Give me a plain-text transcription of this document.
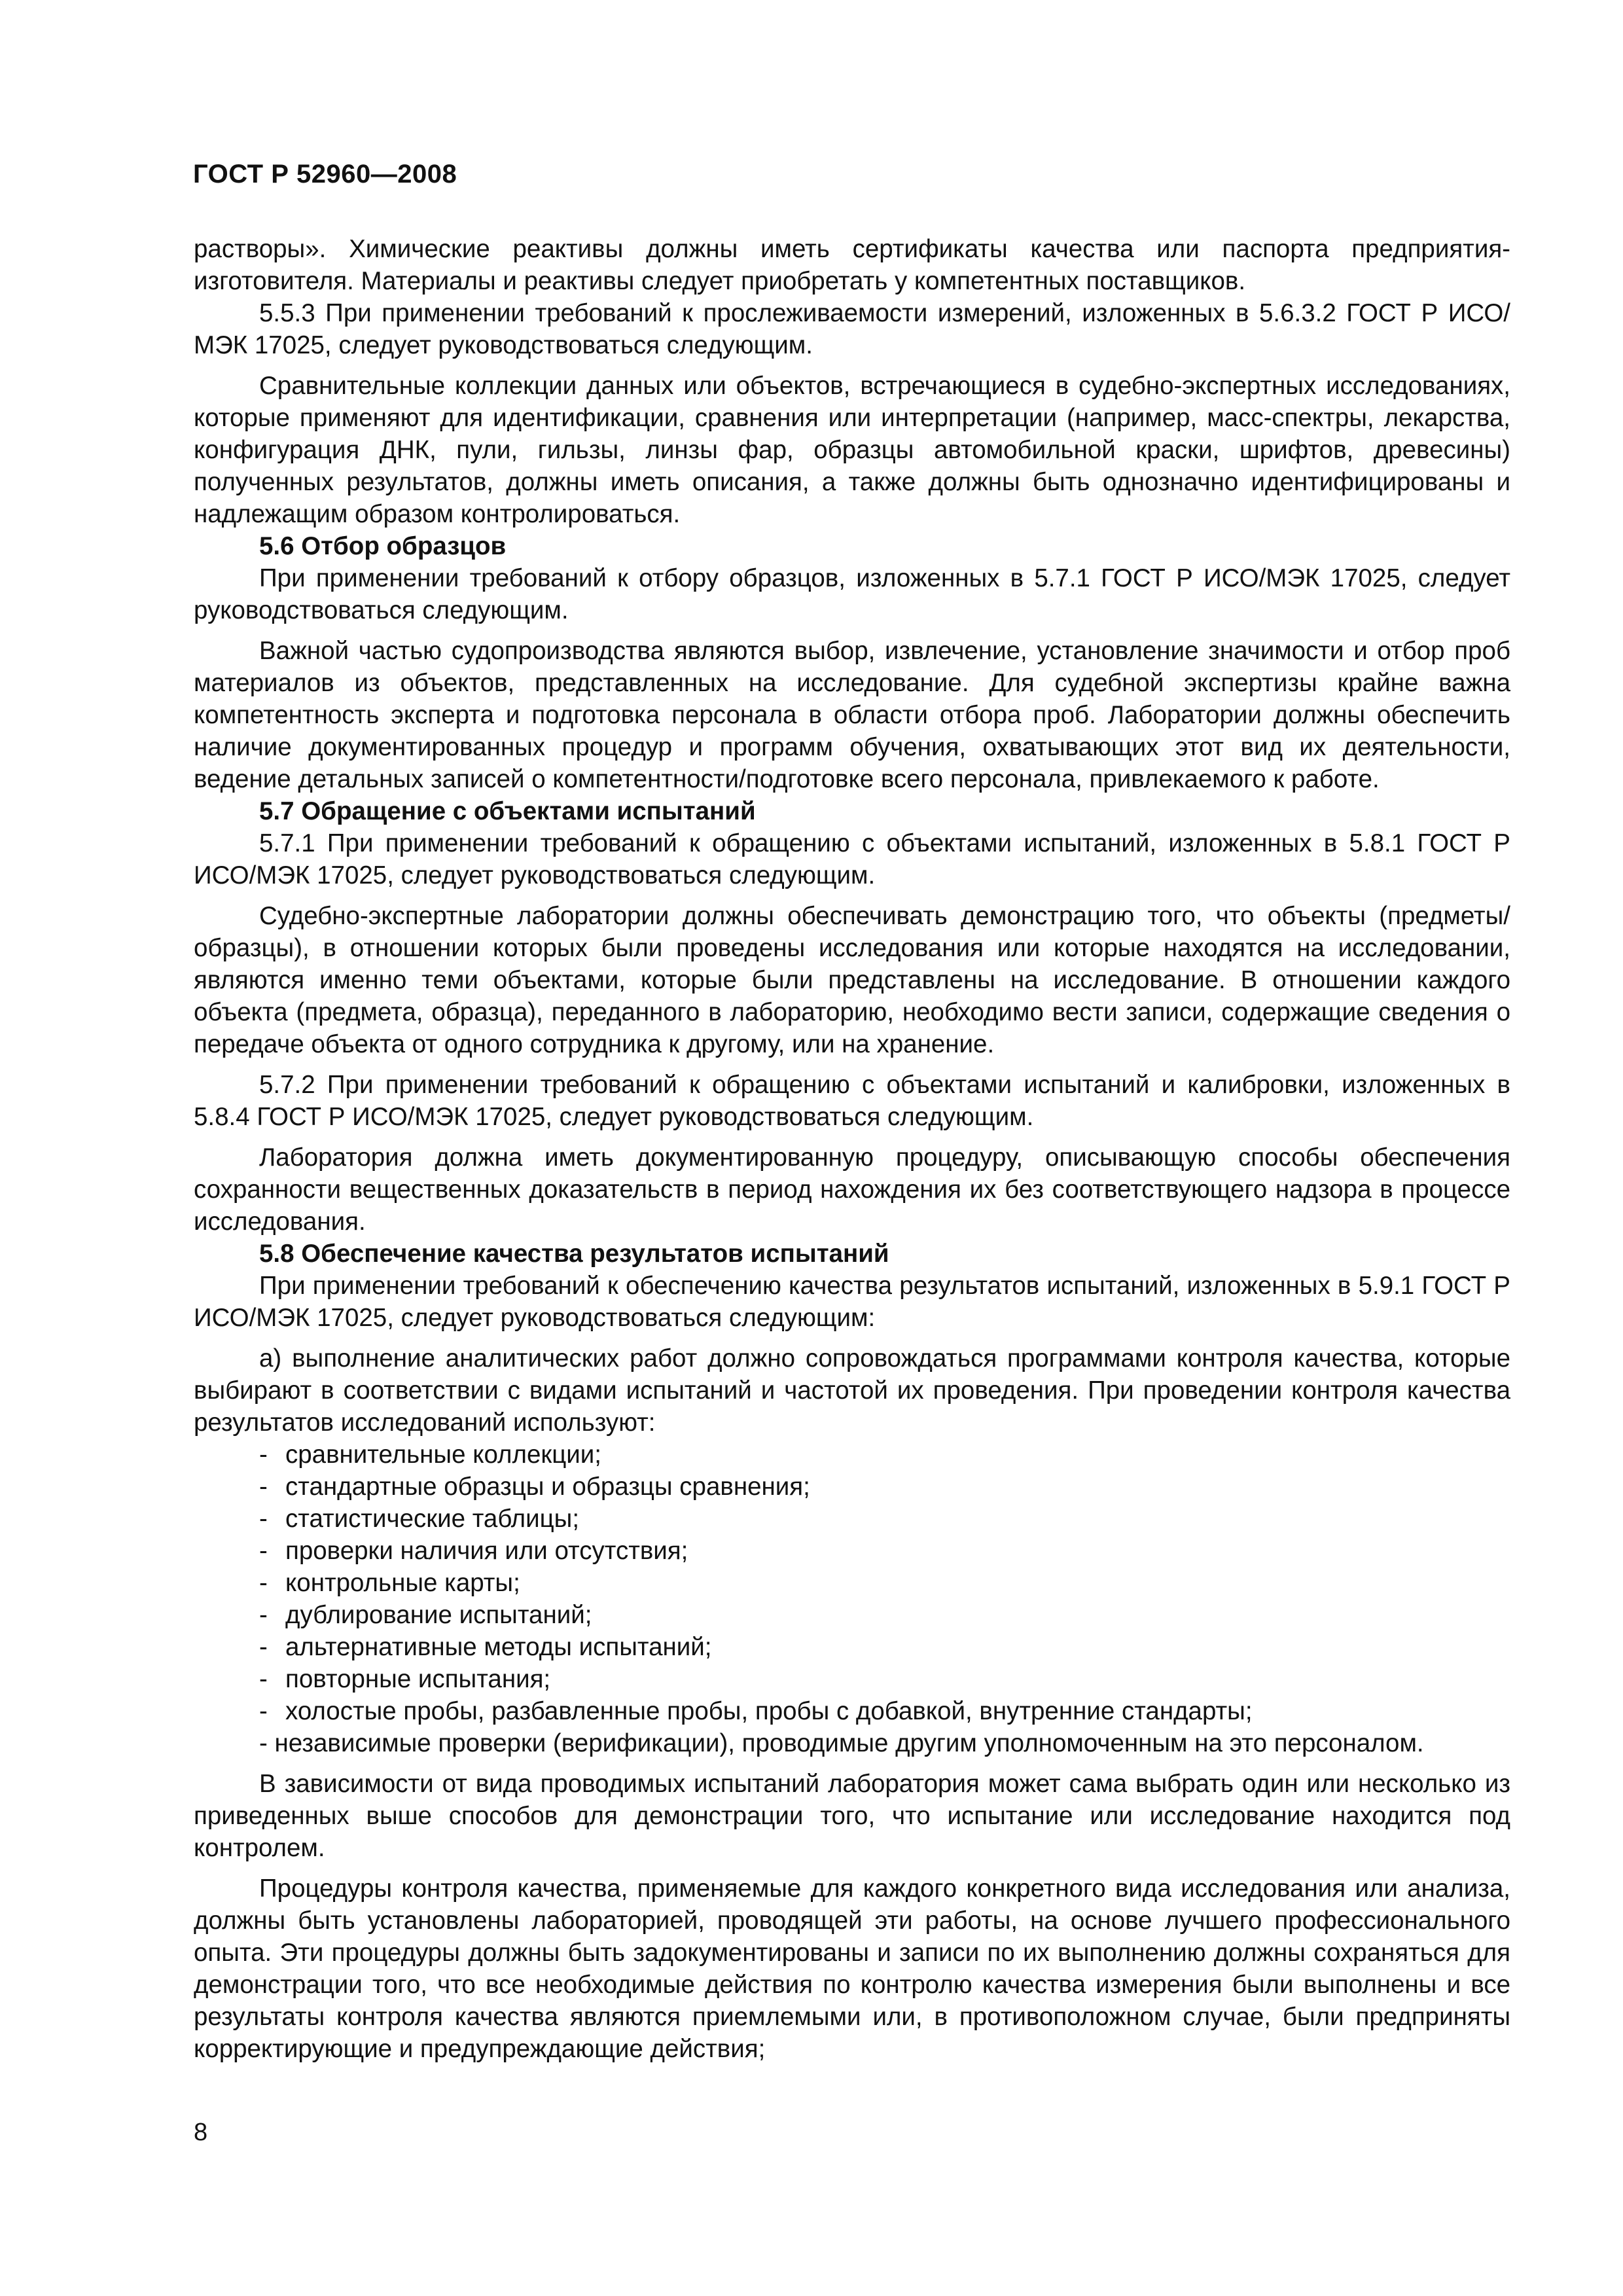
ГОСТ Р 52960—2008

растворы». Химические реактивы должны иметь сертификаты качества или паспорта предприятия-изготовителя. Материалы и реактивы следует приобретать у компетентных поставщиков.

5.5.3 При применении требований к прослеживаемости измерений, изложенных в 5.6.3.2 ГОСТ Р ИСО/МЭК 17025, следует руководствоваться следующим.

Сравнительные коллекции данных или объектов, встречающиеся в судебно-экспертных исследованиях, которые применяют для идентификации, сравнения или интерпретации (например, масс-спектры, лекарства, конфигурация ДНК, пули, гильзы, линзы фар, образцы автомобильной краски, шрифтов, древесины) полученных результатов, должны иметь описания, а также должны быть однозначно идентифицированы и надлежащим образом контролироваться.

5.6 Отбор образцов

При применении требований к отбору образцов, изложенных в 5.7.1 ГОСТ Р ИСО/МЭК 17025, следует руководствоваться следующим.

Важной частью судопроизводства являются выбор, извлечение, установление значимости и отбор проб материалов из объектов, представленных на исследование. Для судебной экспертизы крайне важна компетентность эксперта и подготовка персонала в области отбора проб. Лаборатории должны обеспечить наличие документированных процедур и программ обучения, охватывающих этот вид их деятельности, ведение детальных записей о компетентности/подготовке всего персонала, привлекаемого к работе.

5.7 Обращение с объектами испытаний

5.7.1 При применении требований к обращению с объектами испытаний, изложенных в 5.8.1 ГОСТ Р ИСО/МЭК 17025, следует руководствоваться следующим.

Судебно-экспертные лаборатории должны обеспечивать демонстрацию того, что объекты (предметы/образцы), в отношении которых были проведены исследования или которые находятся на исследовании, являются именно теми объектами, которые были представлены на исследование. В отношении каждого объекта (предмета, образца), переданного в лабораторию, необходимо вести записи, содержащие сведения о передаче объекта от одного сотрудника к другому, или на хранение.

5.7.2 При применении требований к обращению с объектами испытаний и калибровки, изложенных в 5.8.4 ГОСТ Р ИСО/МЭК 17025, следует руководствоваться следующим.

Лаборатория должна иметь документированную процедуру, описывающую способы обеспечения сохранности вещественных доказательств в период нахождения их без соответствующего надзора в процессе исследования.

5.8 Обеспечение качества результатов испытаний

При применении требований к обеспечению качества результатов испытаний, изложенных в 5.9.1 ГОСТ Р ИСО/МЭК 17025, следует руководствоваться следующим:

а) выполнение аналитических работ должно сопровождаться программами контроля качества, которые выбирают в соответствии с видами испытаний и частотой их проведения. При проведении контроля качества результатов исследований используют:

- сравнительные коллекции;
- стандартные образцы и образцы сравнения;
- статистические таблицы;
- проверки наличия или отсутствия;
- контрольные карты;
- дублирование испытаний;
- альтернативные методы испытаний;
- повторные испытания;
- холостые пробы, разбавленные пробы, пробы с добавкой, внутренние стандарты;

- независимые проверки (верификации), проводимые другим уполномоченным на это персоналом.

В зависимости от вида проводимых испытаний лаборатория может сама выбрать один или несколько из приведенных выше способов для демонстрации того, что испытание или исследование находится под контролем.

Процедуры контроля качества, применяемые для каждого конкретного вида исследования или анализа, должны быть установлены лабораторией, проводящей эти работы, на основе лучшего профессионального опыта. Эти процедуры должны быть задокументированы и записи по их выполнению должны сохраняться для демонстрации того, что все необходимые действия по контролю качества измерения были выполнены и все результаты контроля качества являются приемлемыми или, в противоположном случае, были предприняты корректирующие и предупреждающие действия;

8
